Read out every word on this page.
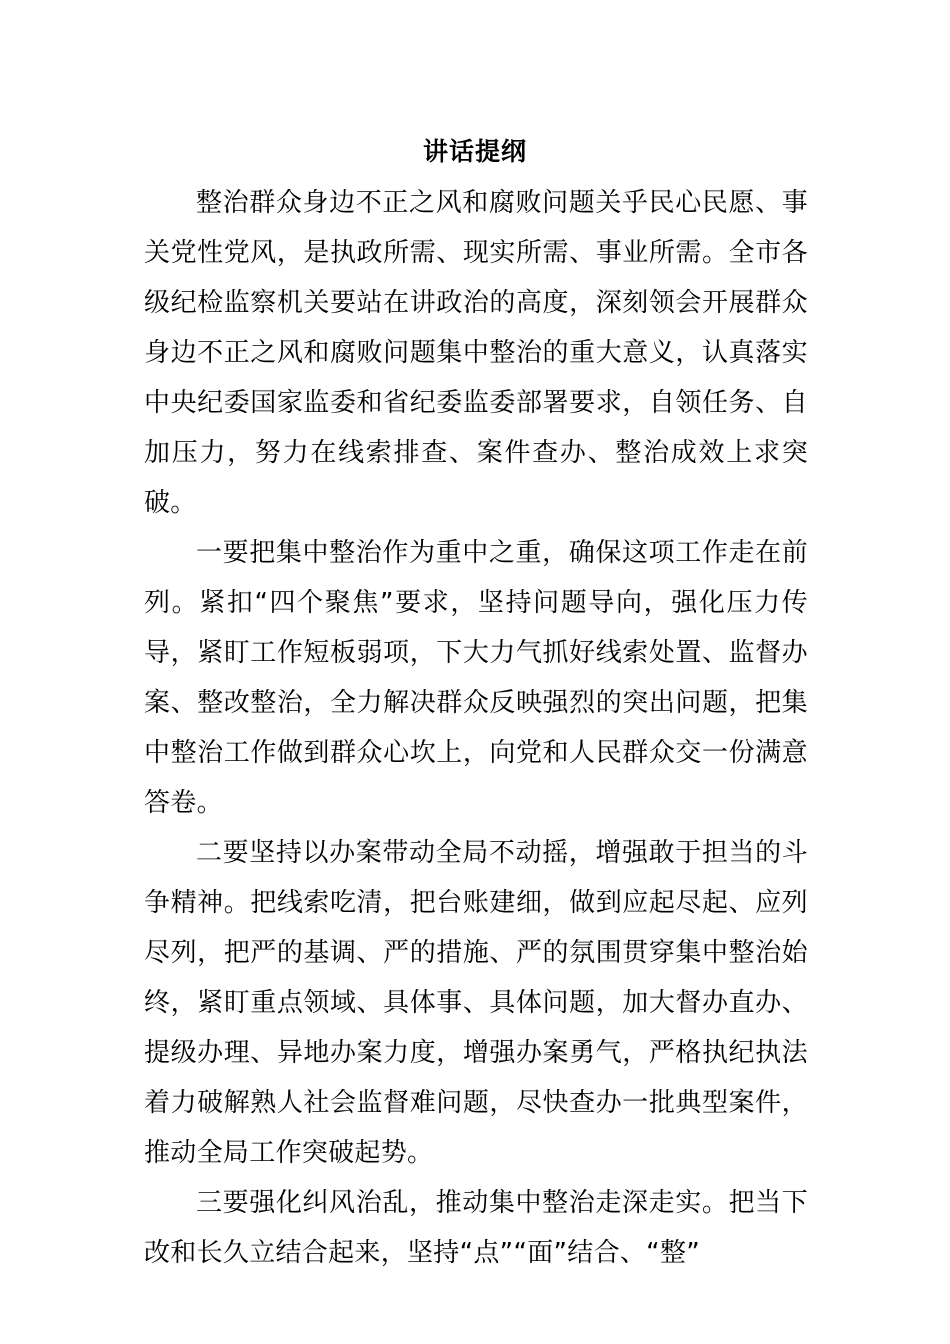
讲话提纲

整治群众身边不正之风和腐败问题关乎民心民愿、事关党性党风，是执政所需、现实所需、事业所需。全市各级纪检监察机关要站在讲政治的高度，深刻领会开展群众身边不正之风和腐败问题集中整治的重大意义，认真落实中央纪委国家监委和省纪委监委部署要求，自领任务、自加压力，努力在线索排查、案件查办、整治成效上求突破。

一要把集中整治作为重中之重，确保这项工作走在前列。紧扣“四个聚焦”要求，坚持问题导向，强化压力传导，紧盯工作短板弱项，下大力气抓好线索处置、监督办案、整改整治，全力解决群众反映强烈的突出问题，把集中整治工作做到群众心坎上，向党和人民群众交一份满意答卷。

二要坚持以办案带动全局不动摇，增强敢于担当的斗争精神。把线索吃清，把台账建细，做到应起尽起、应列尽列，把严的基调、严的措施、严的氛围贯穿集中整治始终，紧盯重点领域、具体事、具体问题，加大督办直办、提级办理、异地办案力度，增强办案勇气，严格执纪执法着力破解熟人社会监督难问题，尽快查办一批典型案件，推动全局工作突破起势。

三要强化纠风治乱，推动集中整治走深走实。把当下改和长久立结合起来，坚持“点”“面”结合、“整”
